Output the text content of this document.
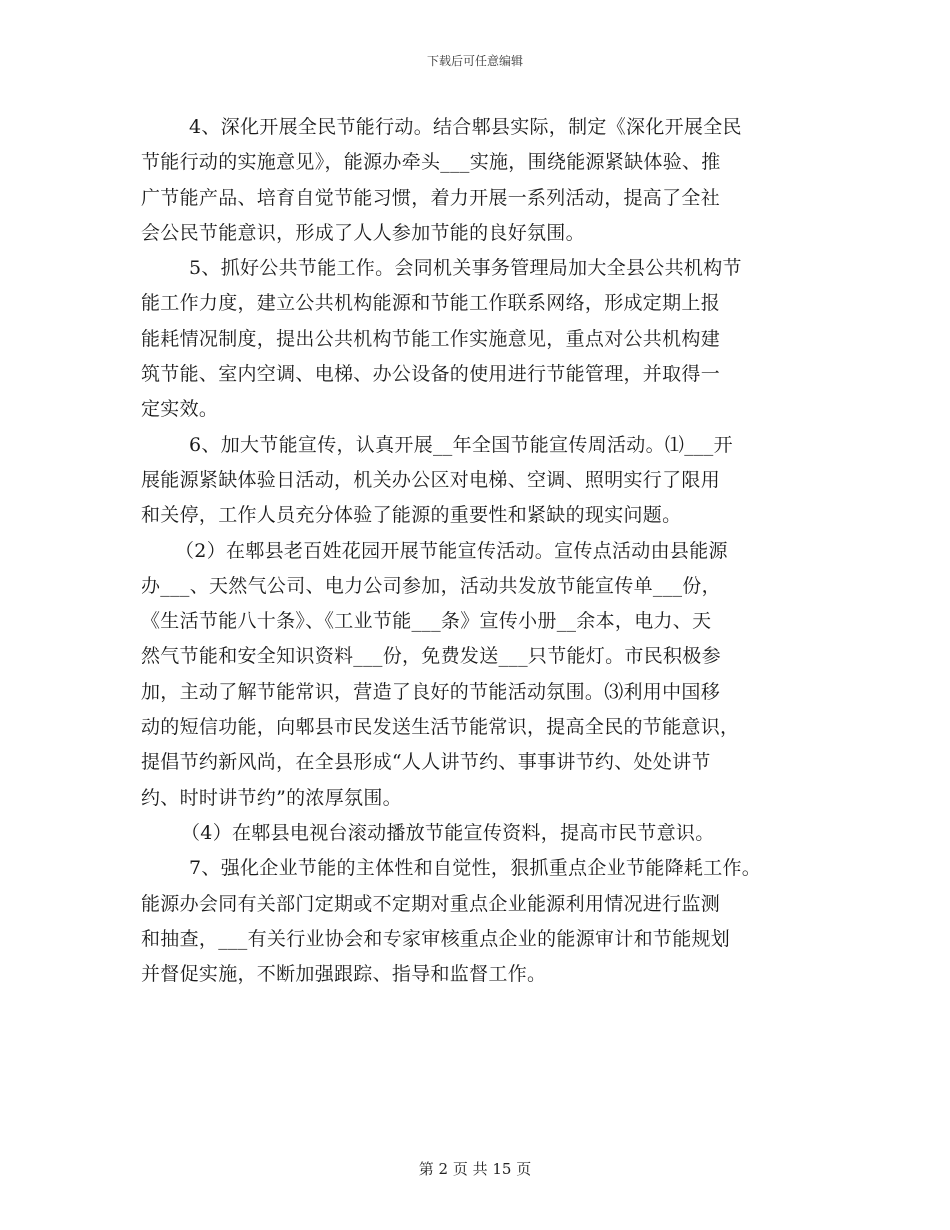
下载后可任意编辑
4、深化开展全民节能行动。结合郫县实际，制定《深化开展全民
节能行动的实施意见》，能源办牵头___实施，围绕能源紧缺体验、推
广节能产品、培育自觉节能习惯，着力开展一系列活动，提高了全社
会公民节能意识，形成了人人参加节能的良好氛围。
5、抓好公共节能工作。会同机关事务管理局加大全县公共机构节
能工作力度，建立公共机构能源和节能工作联系网络，形成定期上报
能耗情况制度，提出公共机构节能工作实施意见，重点对公共机构建
筑节能、室内空调、电梯、办公设备的使用进行节能管理，并取得一
定实效。
6、加大节能宣传，认真开展__年全国节能宣传周活动。⑴___开
展能源紧缺体验日活动，机关办公区对电梯、空调、照明实行了限用
和关停，工作人员充分体验了能源的重要性和紧缺的现实问题。
（2）在郫县老百姓花园开展节能宣传活动。宣传点活动由县能源
办___、天然气公司、电力公司参加，活动共发放节能宣传单___份，
《生活节能八十条》、《工业节能___条》宣传小册__余本，电力、天
然气节能和安全知识资料___份，免费发送___只节能灯。市民积极参
加，主动了解节能常识，营造了良好的节能活动氛围。⑶利用中国移
动的短信功能，向郫县市民发送生活节能常识，提高全民的节能意识，
提倡节约新风尚，在全县形成“人人讲节约、事事讲节约、处处讲节
约、时时讲节约”的浓厚氛围。
（4）在郫县电视台滚动播放节能宣传资料，提高市民节意识。
7、强化企业节能的主体性和自觉性，狠抓重点企业节能降耗工作。
能源办会同有关部门定期或不定期对重点企业能源利用情况进行监测
和抽查，___有关行业协会和专家审核重点企业的能源审计和节能规划
并督促实施，不断加强跟踪、指导和监督工作。
第 2 页 共 15 页
